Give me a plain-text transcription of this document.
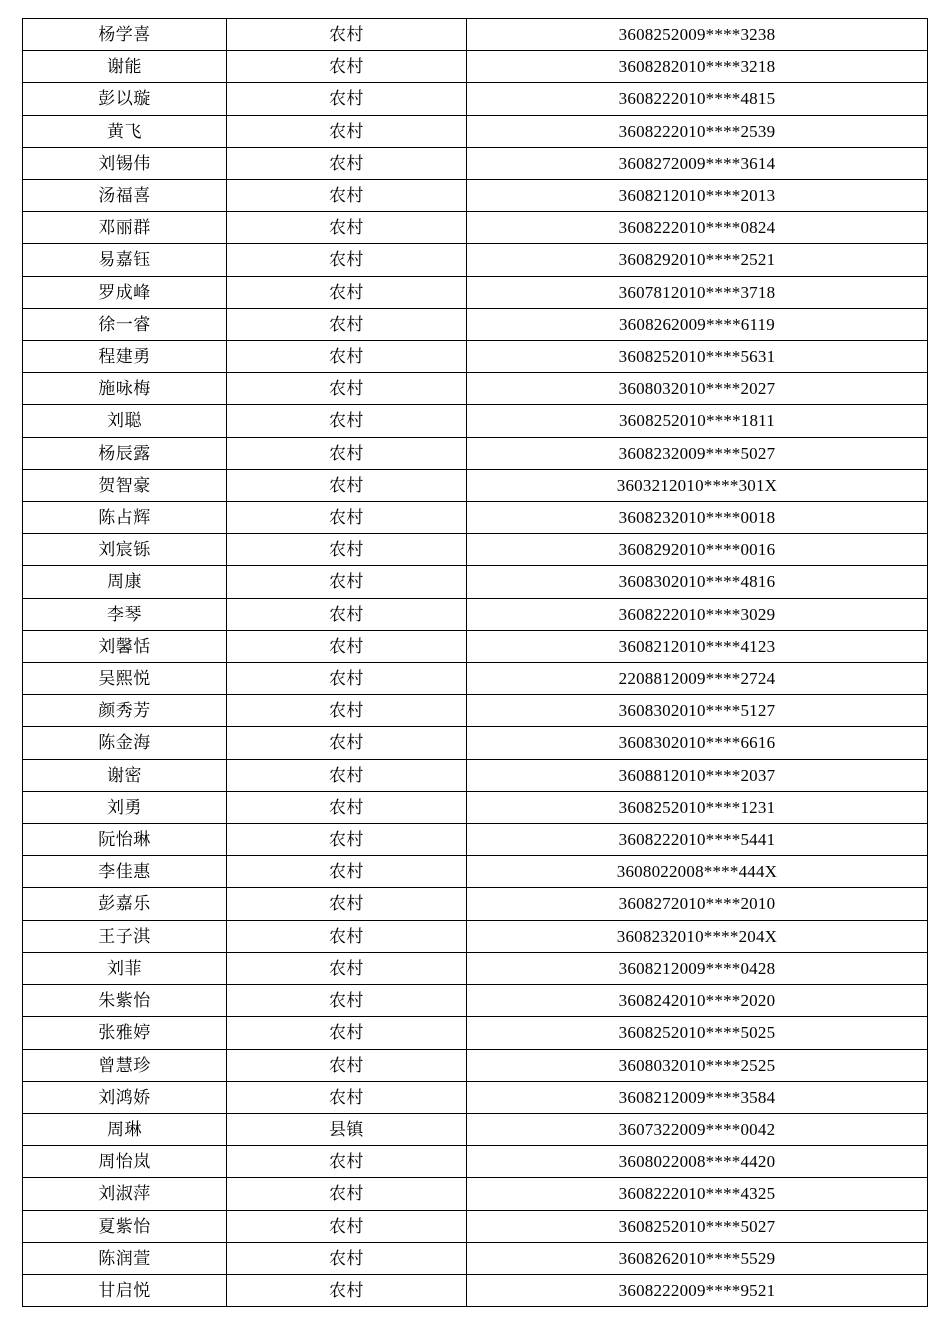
杨学喜	农村	3608252009****3238
谢能	农村	3608282010****3218
彭以璇	农村	3608222010****4815
黄飞	农村	3608222010****2539
刘锡伟	农村	3608272009****3614
汤福喜	农村	3608212010****2013
邓丽群	农村	3608222010****0824
易嘉钰	农村	3608292010****2521
罗成峰	农村	3607812010****3718
徐一睿	农村	3608262009****6119
程建勇	农村	3608252010****5631
施咏梅	农村	3608032010****2027
刘聪	农村	3608252010****1811
杨辰露	农村	3608232009****5027
贺智豪	农村	3603212010****301X
陈占辉	农村	3608232010****0018
刘宸铄	农村	3608292010****0016
周康	农村	3608302010****4816
李琴	农村	3608222010****3029
刘馨恬	农村	3608212010****4123
吴熙悦	农村	2208812009****2724
颜秀芳	农村	3608302010****5127
陈金海	农村	3608302010****6616
谢密	农村	3608812010****2037
刘勇	农村	3608252010****1231
阮怡琳	农村	3608222010****5441
李佳惠	农村	3608022008****444X
彭嘉乐	农村	3608272010****2010
王子淇	农村	3608232010****204X
刘菲	农村	3608212009****0428
朱紫怡	农村	3608242010****2020
张雅婷	农村	3608252010****5025
曾慧珍	农村	3608032010****2525
刘鸿娇	农村	3608212009****3584
周琳	县镇	3607322009****0042
周怡岚	农村	3608022008****4420
刘淑萍	农村	3608222010****4325
夏紫怡	农村	3608252010****5027
陈润萱	农村	3608262010****5529
甘启悦	农村	3608222009****9521
